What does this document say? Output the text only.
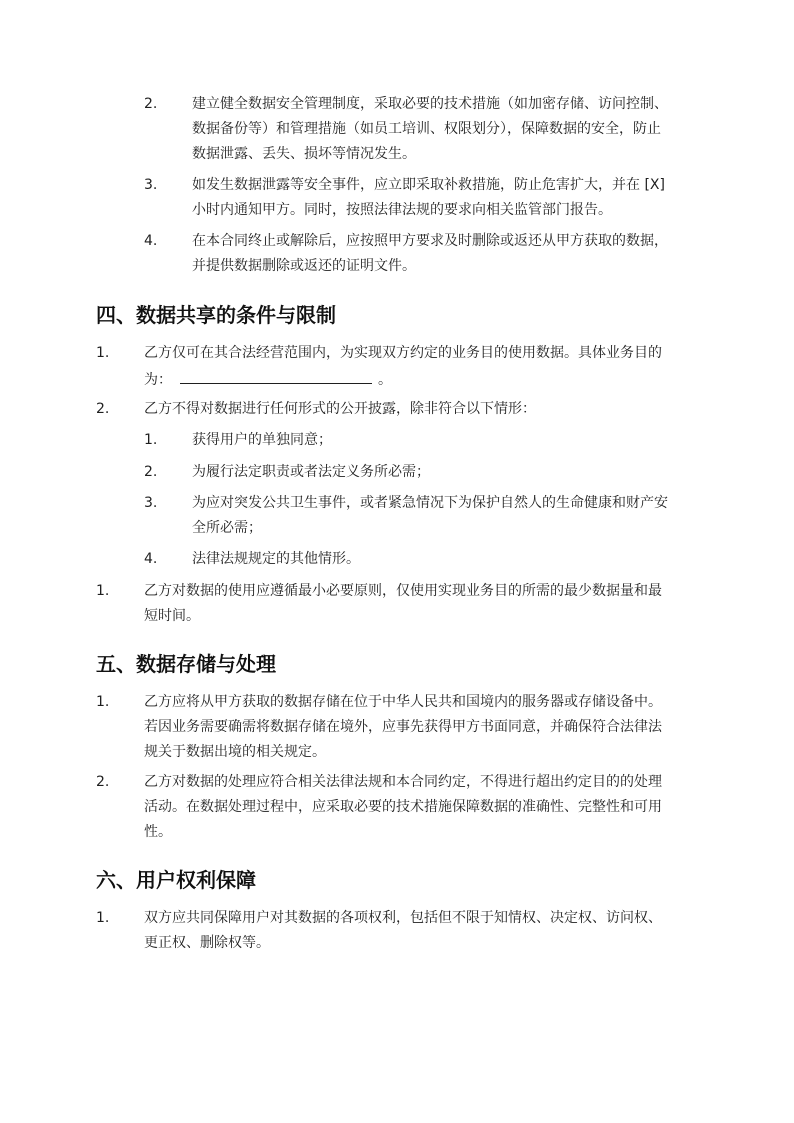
2. 建立健全数据安全管理制度，采取必要的技术措施（如加密存储、访问控制、
数据备份等）和管理措施（如员工培训、权限划分），保障数据的安全，防止
数据泄露、丢失、损坏等情况发生。
3. 如发生数据泄露等安全事件，应立即采取补救措施，防止危害扩大，并在 [X]
小时内通知甲方。同时，按照法律法规的要求向相关监管部门报告。
4. 在本合同终止或解除后，应按照甲方要求及时删除或返还从甲方获取的数据，
并提供数据删除或返还的证明文件。
四、数据共享的条件与限制
1. 乙方仅可在其合法经营范围内，为实现双方约定的业务目的使用数据。具体业务目的
为：	。
2. 乙方不得对数据进行任何形式的公开披露，除非符合以下情形：
1. 获得用户的单独同意；
2. 为履行法定职责或者法定义务所必需；
3. 为应对突发公共卫生事件，或者紧急情况下为保护自然人的生命健康和财产安
全所必需；
4. 法律法规规定的其他情形。
1. 乙方对数据的使用应遵循最小必要原则，仅使用实现业务目的所需的最少数据量和最
短时间。
五、数据存储与处理
1. 乙方应将从甲方获取的数据存储在位于中华人民共和国境内的服务器或存储设备中。
若因业务需要确需将数据存储在境外，应事先获得甲方书面同意，并确保符合法律法
规关于数据出境的相关规定。
2. 乙方对数据的处理应符合相关法律法规和本合同约定，不得进行超出约定目的的处理
活动。在数据处理过程中，应采取必要的技术措施保障数据的准确性、完整性和可用
性。
六、用户权利保障
1. 双方应共同保障用户对其数据的各项权利，包括但不限于知情权、决定权、访问权、
更正权、删除权等。
